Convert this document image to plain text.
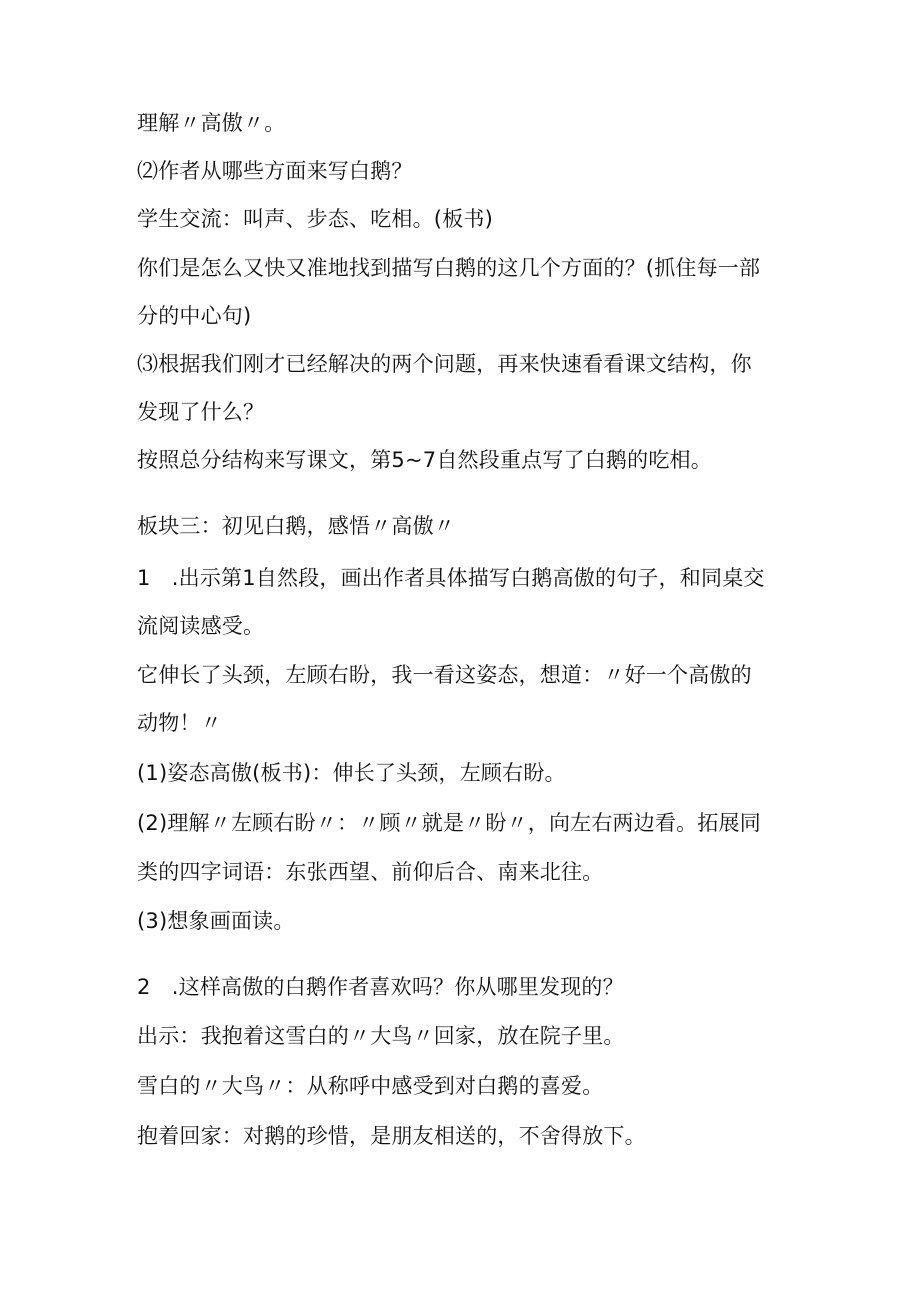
理解〃高傲〃。
⑵作者从哪些方面来写白鹅？
学生交流：叫声、步态、吃相。(板书)
你们是怎么又快又准地找到描写白鹅的这几个方面的？(抓住每一部
分的中心句)
⑶根据我们刚才已经解决的两个问题，再来快速看看课文结构，你
发现了什么？
按照总分结构来写课文，第5~7自然段重点写了白鹅的吃相。
板块三：初见白鹅，感悟〃高傲〃
1 .出示第1自然段，画出作者具体描写白鹅高傲的句子，和同桌交
流阅读感受。
它伸长了头颈，左顾右盼，我一看这姿态，想道：〃好一个高傲的
动物！〃
(1)姿态高傲(板书)：伸长了头颈，左顾右盼。
(2)理解〃左顾右盼〃：〃顾〃就是〃盼〃，向左右两边看。拓展同
类的四字词语：东张西望、前仰后合、南来北往。
(3)想象画面读。
2 .这样高傲的白鹅作者喜欢吗？你从哪里发现的？
出示：我抱着这雪白的〃大鸟〃回家，放在院子里。
雪白的〃大鸟〃：从称呼中感受到对白鹅的喜爱。
抱着回家：对鹅的珍惜，是朋友相送的，不舍得放下。
